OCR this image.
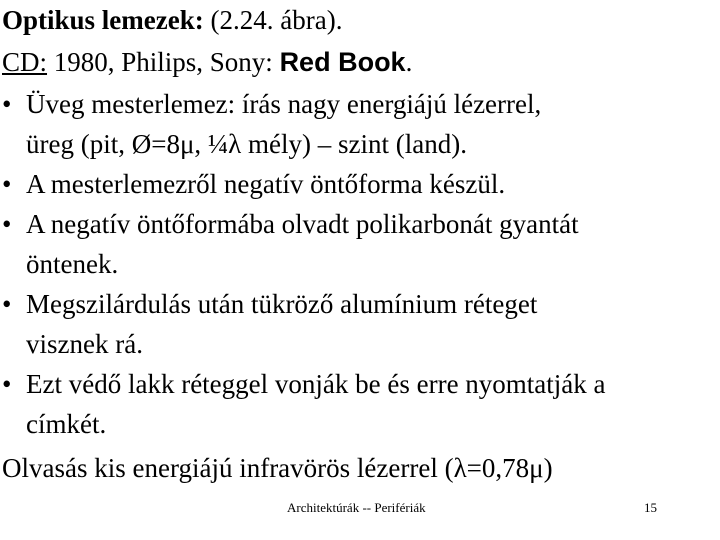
Optikus lemezek: (2.24. ábra).
CD: 1980, Philips, Sony: Red Book.
• Üveg mesterlemez: írás nagy energiájú lézerrel,
üreg (pit, Ø=8μ, ¼λ mély) – szint (land).
• A mesterlemezről negatív öntőforma készül.
• A negatív öntőformába olvadt polikarbonát gyantát
öntenek.
• Megszilárdulás után tükröző alumínium réteget
visznek rá.
• Ezt védő lakk réteggel vonják be és erre nyomtatják a
címkét.
Olvasás kis energiájú infravörös lézerrel (λ=0,78μ)
Architektúrák -- Perifériák	15
